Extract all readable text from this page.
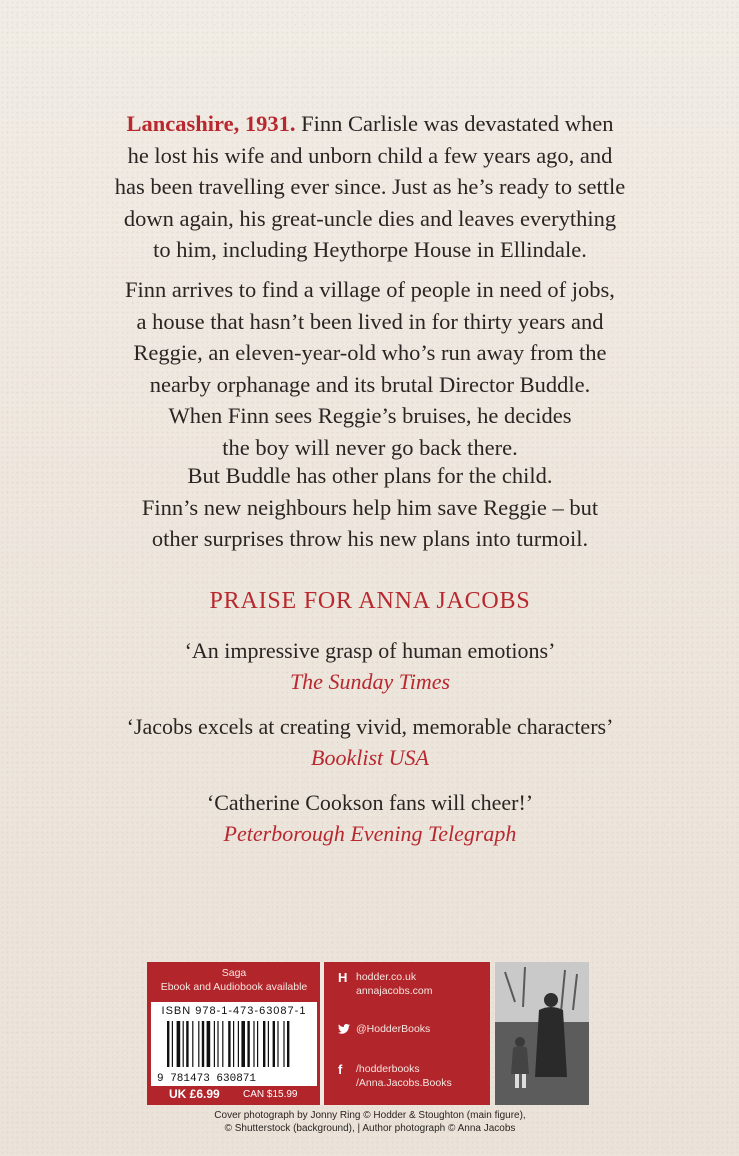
Lancashire, 1931. Finn Carlisle was devastated when
he lost his wife and unborn child a few years ago, and
has been travelling ever since. Just as he’s ready to settle
down again, his great-uncle dies and leaves everything
to him, including Heythorpe House in Ellindale.
Finn arrives to find a village of people in need of jobs,
a house that hasn’t been lived in for thirty years and
Reggie, an eleven-year-old who’s run away from the
nearby orphanage and its brutal Director Buddle.
When Finn sees Reggie’s bruises, he decides
the boy will never go back there.
But Buddle has other plans for the child.
Finn’s new neighbours help him save Reggie – but
other surprises throw his new plans into turmoil.
PRAISE FOR ANNA JACOBS
‘An impressive grasp of human emotions’
The Sunday Times
‘Jacobs excels at creating vivid, memorable characters’
Booklist USA
‘Catherine Cookson fans will cheer!’
Peterborough Evening Telegraph
Saga
Ebook and Audiobook available
ISBN 978-1-473-63087-1
9 781473 630871
UK £6.99 CAN $15.99
H hodder.co.uk
annajacobs.com
@HodderBooks
f	/hodderbooks
/Anna.Jacobs.Books
Cover photograph by Jonny Ring © Hodder & Stoughton (main figure),
© Shutterstock (background), | Author photograph © Anna Jacobs
